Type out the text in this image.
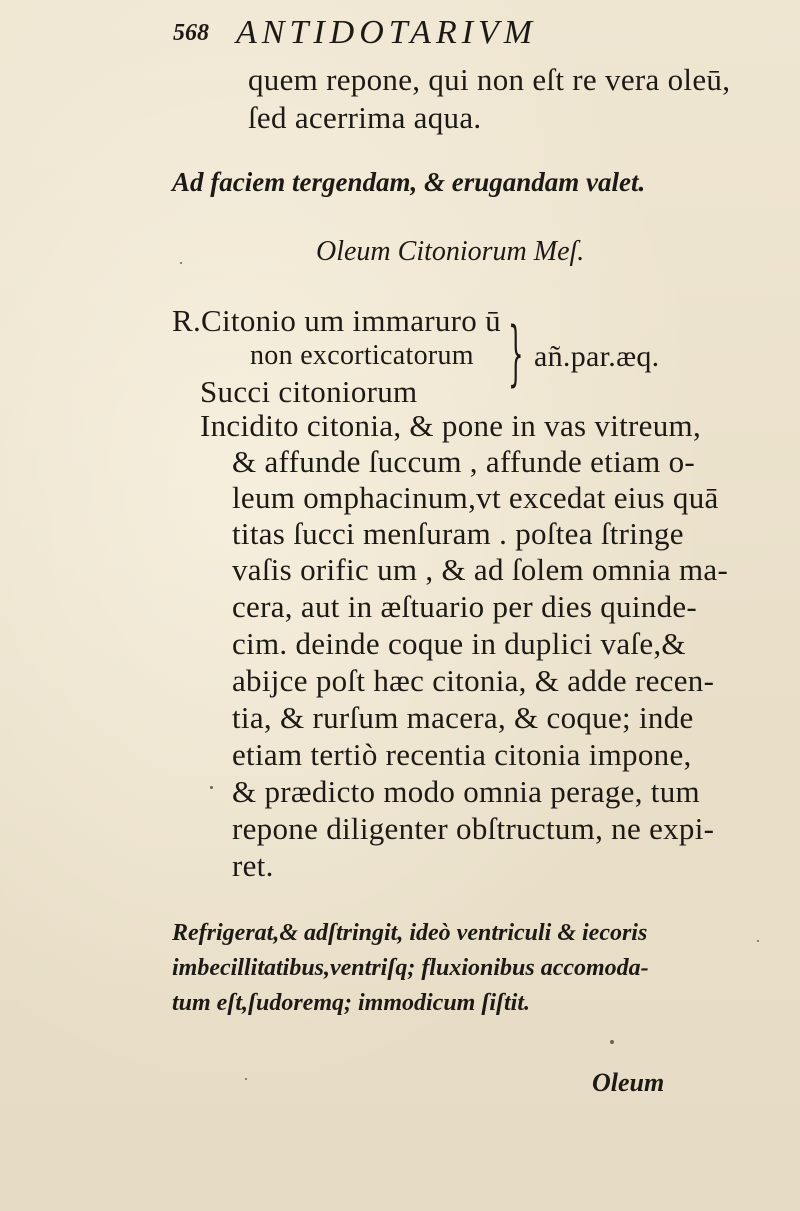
568 ANTIDOTARIVM
quem repone, qui non eſt re vera oleū,
ſed acerrima aqua.
Ad faciem tergendam, & erugandam valet.
Oleum Citoniorum Meſ.
R.Citonio um immaruro ū
non excorticatorum
Succi citoniorum } añ.par.æq.
Incidito citonia, & pone in vas vitreum,
& affunde ſuccum , affunde etiam o-
leum omphacinum,vt excedat eius quā
titas ſucci menſuram . poſtea ſtringe
vaſis orific um , & ad ſolem omnia ma-
cera, aut in æſtuario per dies quinde-
cim. deinde coque in duplici vaſe,&
abijce poſt hæc citonia, & adde recen-
tia, & rurſum macera, & coque; inde
etiam tertiò recentia citonia impone,
& prædicto modo omnia perage, tum
repone diligenter obſtructum, ne expi-
ret.
Refrigerat,& adſtringit, ideò ventriculi & iecoris
imbecillitatibus,ventriſq; fluxionibus accomoda-
tum eſt,ſudoremq; immodicum ſiſtit.
Oleum
